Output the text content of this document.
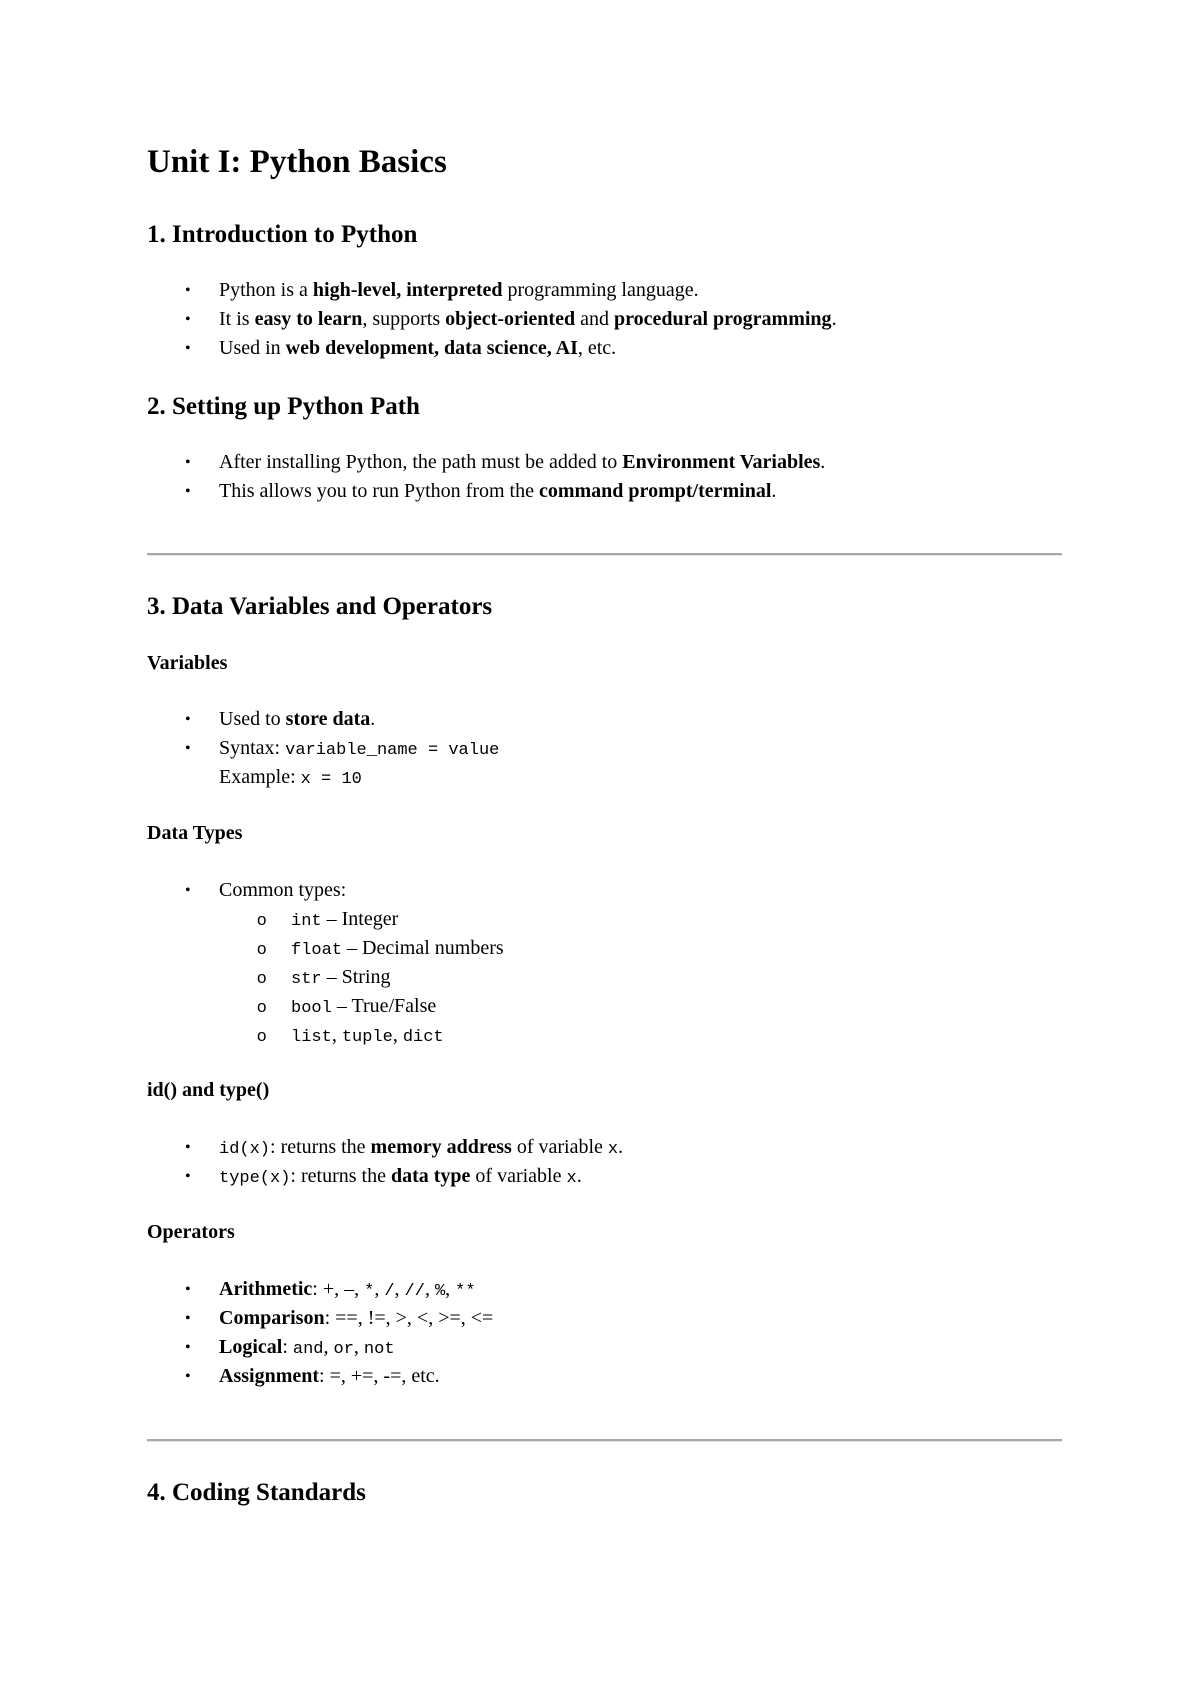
Unit I: Python Basics
1. Introduction to Python
• Python is a high-level, interpreted programming language.
• It is easy to learn, supports object-oriented and procedural programming.
• Used in web development, data science, AI, etc.
2. Setting up Python Path
• After installing Python, the path must be added to Environment Variables.
• This allows you to run Python from the command prompt/terminal.
3. Data Variables and Operators
Variables
• Used to store data.
• Syntax: variable_name = value
Example: x = 10
Data Types
• Common types:
o int – Integer
o float – Decimal numbers
o str – String
o bool – True/False
o list, tuple, dict
id() and type()
• id(x): returns the memory address of variable x.
• type(x): returns the data type of variable x.
Operators
• Arithmetic: +, –, *, /, //, %, **
• Comparison: ==, !=, >, <, >=, <=
• Logical: and, or, not
• Assignment: =, +=, -=, etc.
4. Coding Standards
